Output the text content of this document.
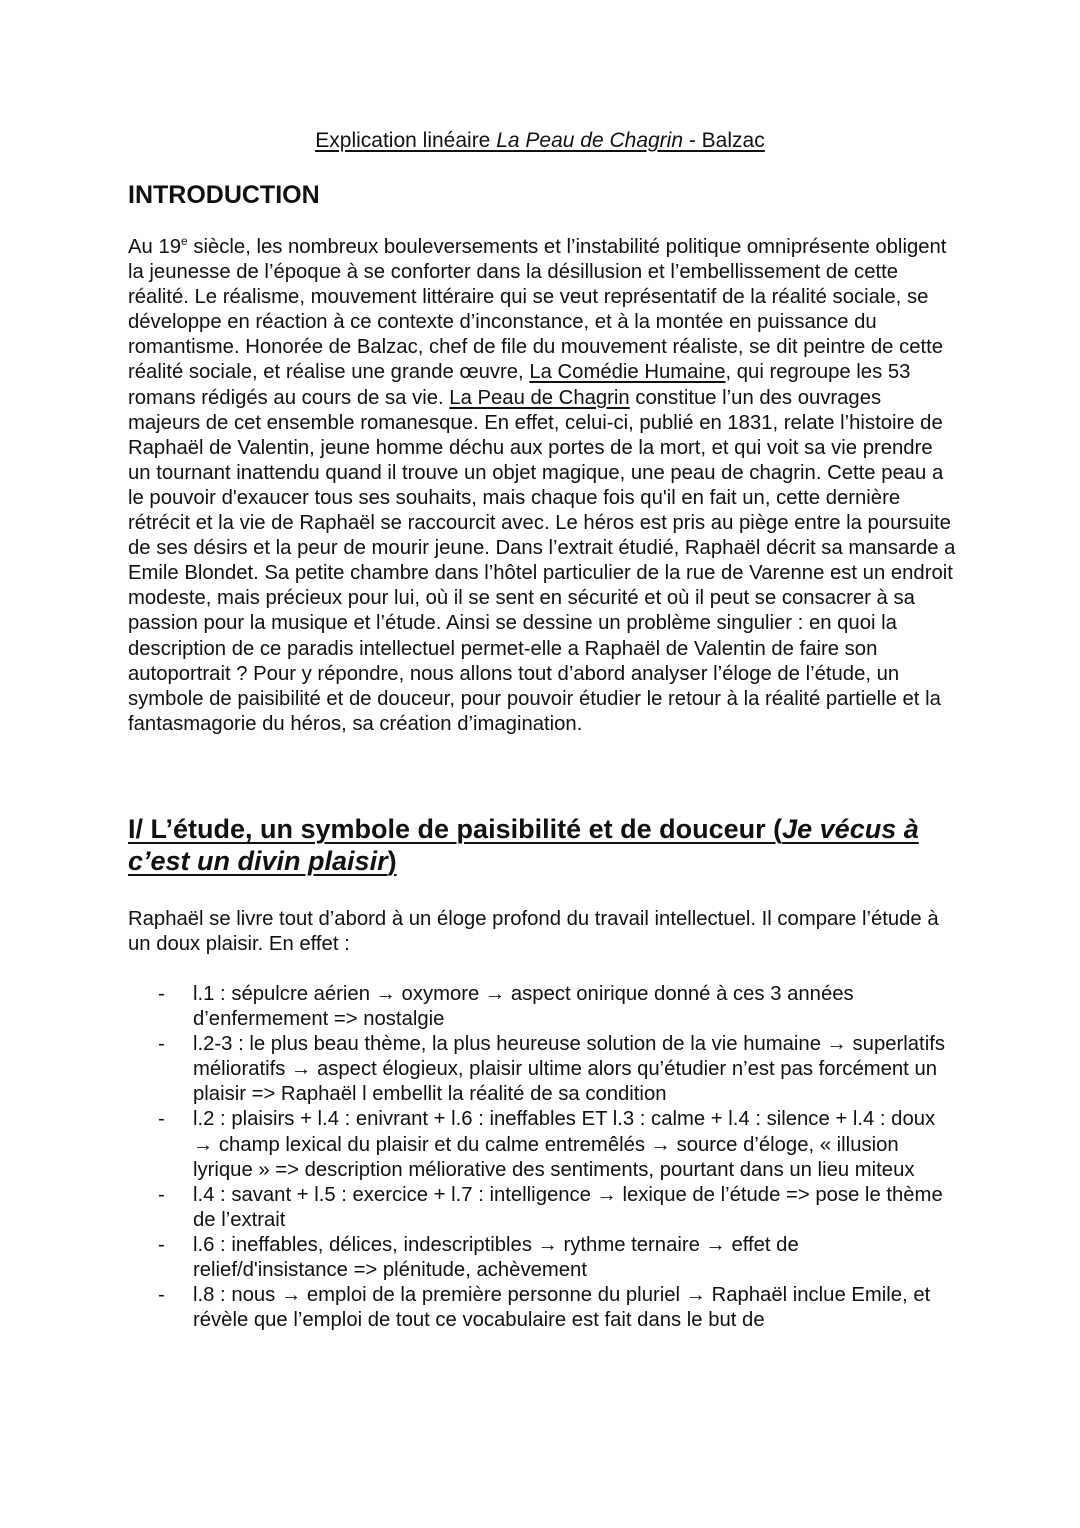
Explication linéaire La Peau de Chagrin - Balzac
INTRODUCTION

Au 19e siècle, les nombreux bouleversements et l’instabilité politique omniprésente obligent la jeunesse de l’époque à se conforter dans la désillusion et l’embellissement de cette réalité. Le réalisme, mouvement littéraire qui se veut représentatif de la réalité sociale, se développe en réaction à ce contexte d’inconstance, et à la montée en puissance du romantisme. Honorée de Balzac, chef de file du mouvement réaliste, se dit peintre de cette réalité sociale, et réalise une grande œuvre, La Comédie Humaine, qui regroupe les 53 romans rédigés au cours de sa vie. La Peau de Chagrin constitue l’un des ouvrages majeurs de cet ensemble romanesque. En effet, celui-ci, publié en 1831, relate l’histoire de Raphaël de Valentin, jeune homme déchu aux portes de la mort, et qui voit sa vie prendre un tournant inattendu quand il trouve un objet magique, une peau de chagrin. Cette peau a le pouvoir d'exaucer tous ses souhaits, mais chaque fois qu'il en fait un, cette dernière rétrécit et la vie de Raphaël se raccourcit avec. Le héros est pris au piège entre la poursuite de ses désirs et la peur de mourir jeune. Dans l’extrait étudié, Raphaël décrit sa mansarde a Emile Blondet. Sa petite chambre dans l’hôtel particulier de la rue de Varenne est un endroit modeste, mais précieux pour lui, où il se sent en sécurité et où il peut se consacrer à sa passion pour la musique et l’étude. Ainsi se dessine un problème singulier : en quoi la description de ce paradis intellectuel permet-elle a Raphaël de Valentin de faire son autoportrait ? Pour y répondre, nous allons tout d’abord analyser l’éloge de l’étude, un symbole de paisibilité et de douceur, pour pouvoir étudier le retour à la réalité partielle et la fantasmagorie du héros, sa création d’imagination.

I/ L’étude, un symbole de paisibilité et de douceur (Je vécus à c’est un divin plaisir)

Raphaël se livre tout d’abord à un éloge profond du travail intellectuel. Il compare l’étude à un doux plaisir. En effet :

- l.1 : sépulcre aérien → oxymore → aspect onirique donné à ces 3 années d’enfermement => nostalgie
- l.2-3 : le plus beau thème, la plus heureuse solution de la vie humaine → superlatifs mélioratifs → aspect élogieux, plaisir ultime alors qu’étudier n’est pas forcément un plaisir => Raphaël l embellit la réalité de sa condition
- l.2 : plaisirs + l.4 : enivrant + l.6 : ineffables ET l.3 : calme + l.4 : silence + l.4 : doux → champ lexical du plaisir et du calme entremêlés → source d’éloge, « illusion lyrique » => description méliorative des sentiments, pourtant dans un lieu miteux
- l.4 : savant + l.5 : exercice + l.7 : intelligence → lexique de l’étude => pose le thème de l’extrait
- l.6 : ineffables, délices, indescriptibles → rythme ternaire → effet de relief/d'insistance => plénitude, achèvement
- l.8 : nous → emploi de la première personne du pluriel → Raphaël inclue Emile, et révèle que l’emploi de tout ce vocabulaire est fait dans le but de
